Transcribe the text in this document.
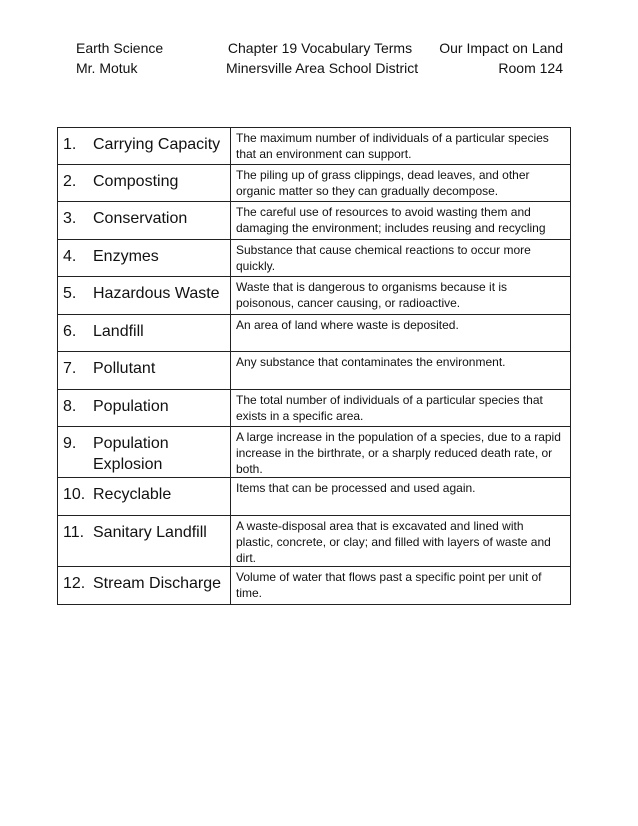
Earth Science
Mr. Motuk
Chapter 19 Vocabulary Terms
Minersville Area School District
Our Impact on Land
Room 124
1. Carrying Capacity	The maximum number of individuals of a particular species that an environment can support.

2. Composting	The piling up of grass clippings, dead leaves, and other organic matter so they can gradually decompose.

3. Conservation	The careful use of resources to avoid wasting them and damaging the environment; includes reusing and recycling

4. Enzymes	Substance that cause chemical reactions to occur more quickly.

5. Hazardous Waste	Waste that is dangerous to organisms because it is poisonous, cancer causing, or radioactive.

6. Landfill	An area of land where waste is deposited.

7. Pollutant	Any substance that contaminates the environment.

8. Population	The total number of individuals of a particular species that exists in a specific area.

9. Population Explosion	A large increase in the population of a species, due to a rapid increase in the birthrate, or a sharply reduced death rate, or both.

10. Recyclable	Items that can be processed and used again.

11. Sanitary Landfill	A waste-disposal area that is excavated and lined with plastic, concrete, or clay; and filled with layers of waste and dirt.

12. Stream Discharge	Volume of water that flows past a specific point per unit of time.
